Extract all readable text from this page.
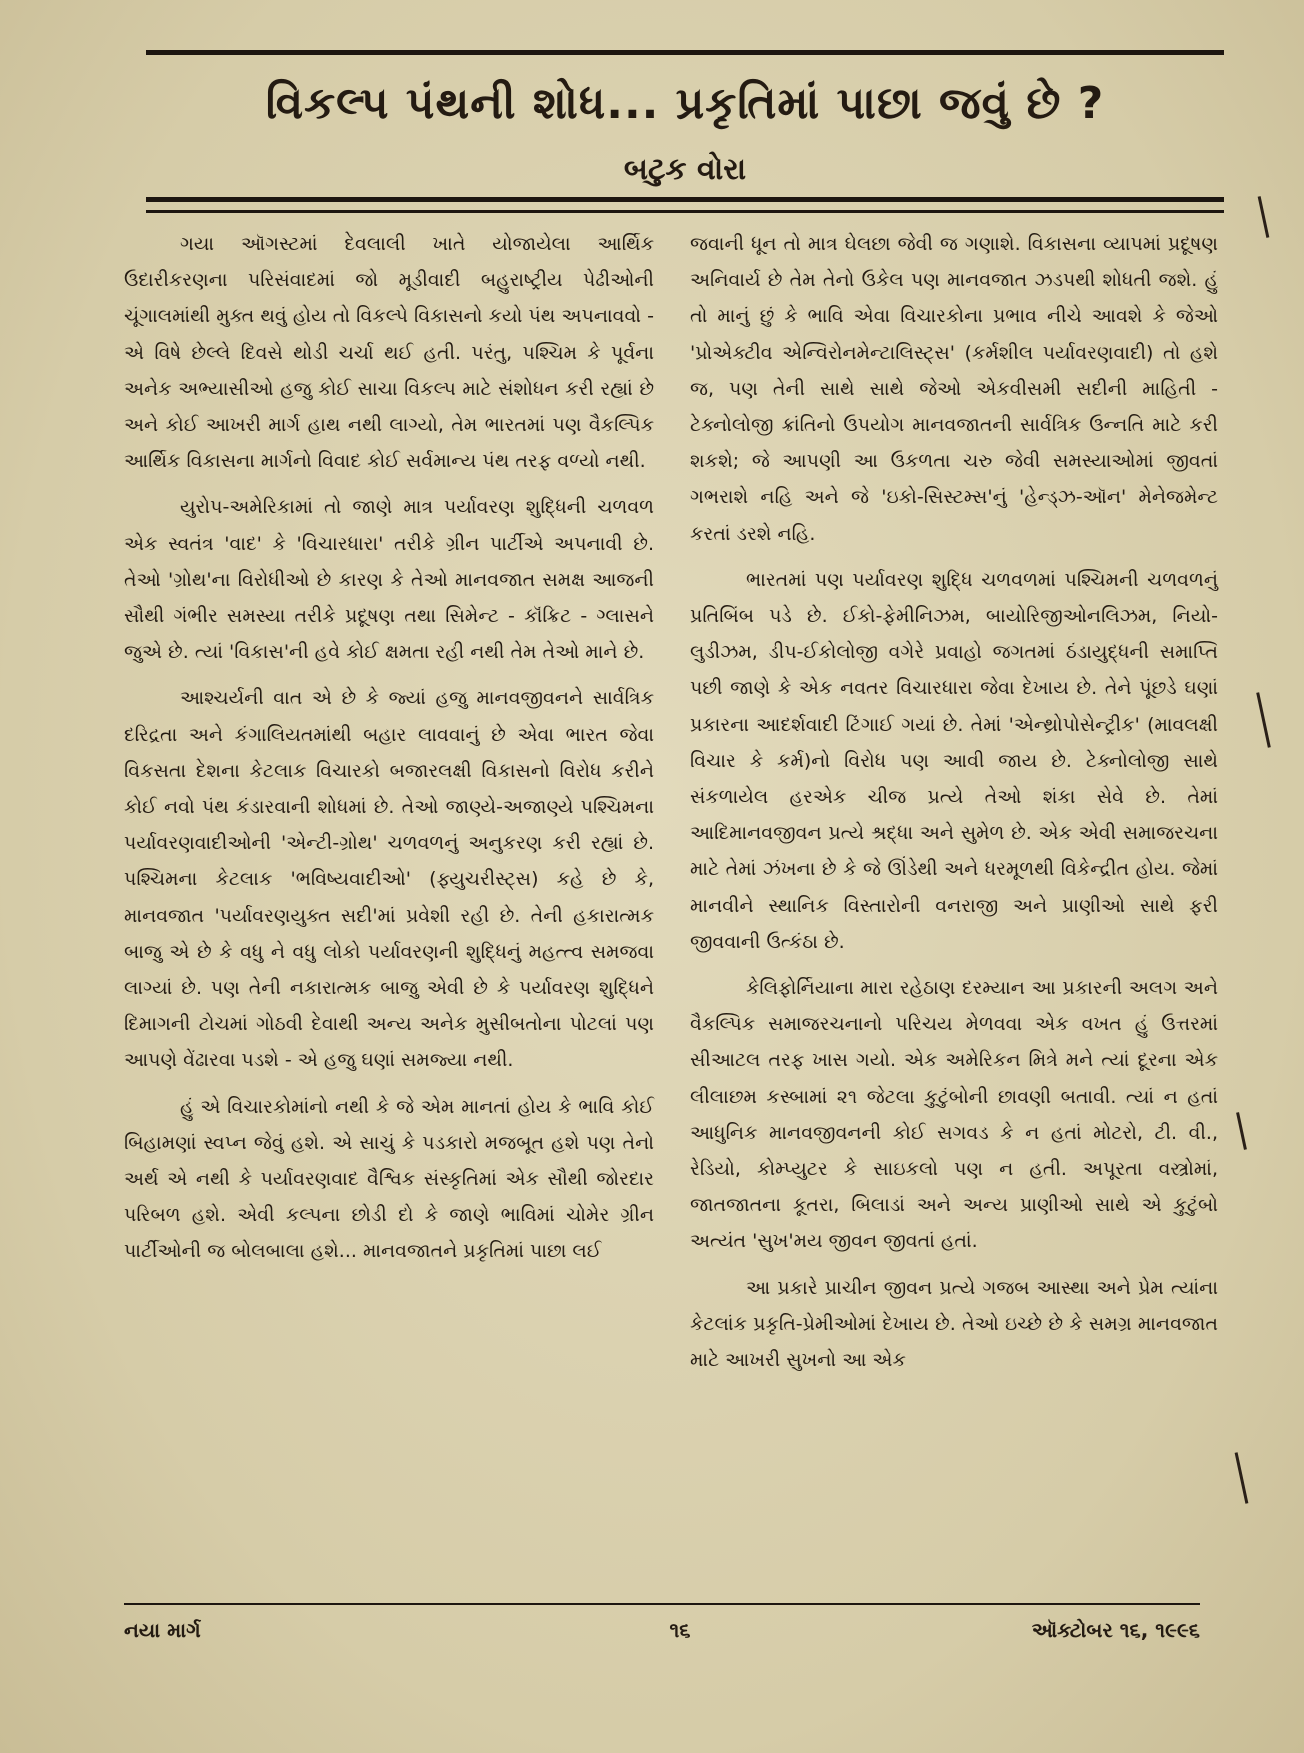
વિકલ્પ પંથની શોધ... પ્રકૃતિમાં પાછા જવું છે ?
બટુક વોરા

ગયા ઑગસ્ટમાં દેવલાલી ખાતે યોજાયેલા આર્થિક ઉદારીકરણના પરિસંવાદમાં જો મૂડીવાદી બહુરાષ્ટ્રીય પેઢીઓની ચૂંગાલમાંથી મુક્ત થવું હોય તો વિકલ્પે વિકાસનો કયો પંથ અપનાવવો - એ વિષે છેલ્લે દિવસે થોડી ચર્ચા થઈ હતી. પરંતુ, પશ્ચિમ કે પૂર્વના અનેક અભ્યાસીઓ હજુ કોઈ સાચા વિકલ્પ માટે સંશોધન કરી રહ્યાં છે અને કોઈ આખરી માર્ગ હાથ નથી લાગ્યો, તેમ ભારતમાં પણ વૈકલ્પિક આર્થિક વિકાસના માર્ગનો વિવાદ કોઈ સર્વમાન્ય પંથ તરફ વળ્યો નથી.

યુરોપ-અમેરિકામાં તો જાણે માત્ર પર્યાવરણ શુદ્ધિની ચળવળ એક સ્વતંત્ર 'વાદ' કે 'વિચારધારા' તરીકે ગ્રીન પાર્ટીએ અપનાવી છે. તેઓ 'ગ્રોથ'ના વિરોધીઓ છે કારણ કે તેઓ માનવજાત સમક્ષ આજની સૌથી ગંભીર સમસ્યા તરીકે પ્રદૂષણ તથા સિમેન્ટ - કૉંક્રિટ - ગ્લાસને જુએ છે. ત્યાં 'વિકાસ'ની હવે કોઈ ક્ષમતા રહી નથી તેમ તેઓ માને છે.

આશ્ચર્યની વાત એ છે કે જ્યાં હજુ માનવજીવનને સાર્વત્રિક દરિદ્રતા અને કંગાલિયતમાંથી બહાર લાવવાનું છે એવા ભારત જેવા વિકસતા દેશના કેટલાક વિચારકો બજારલક્ષી વિકાસનો વિરોધ કરીને કોઈ નવો પંથ કંડારવાની શોધમાં છે. તેઓ જાણ્યે-અજાણ્યે પશ્ચિમના પર્યાવરણવાદીઓની 'એન્ટી-ગ્રોથ' ચળવળનું અનુકરણ કરી રહ્યાં છે. પશ્ચિમના કેટલાક 'ભવિષ્યવાદીઓ' (ફ્યુચરીસ્ટ્સ) કહે છે કે, માનવજાત 'પર્યાવરણયુક્ત સદી'માં પ્રવેશી રહી છે. તેની હકારાત્મક બાજુ એ છે કે વધુ ને વધુ લોકો પર્યાવરણની શુદ્ધિનું મહત્ત્વ સમજવા લાગ્યાં છે. પણ તેની નકારાત્મક બાજુ એવી છે કે પર્યાવરણ શુદ્ધિને દિમાગની ટોચમાં ગોઠવી દેવાથી અન્ય અનેક મુસીબતોના પોટલાં પણ આપણે વેંઢારવા પડશે - એ હજુ ઘણાં સમજ્યા નથી.

હું એ વિચારકોમાંનો નથી કે જે એમ માનતાં હોય કે ભાવિ કોઈ બિહામણાં સ્વપ્ન જેવું હશે. એ સાચું કે પડકારો મજબૂત હશે પણ તેનો અર્થ એ નથી કે પર્યાવરણવાદ વૈશ્વિક સંસ્કૃતિમાં એક સૌથી જોરદાર પરિબળ હશે. એવી કલ્પના છોડી દો કે જાણે ભાવિમાં ચોમેર ગ્રીન પાર્ટીઓની જ બોલબાલા હશે... માનવજાતને પ્રકૃતિમાં પાછા લઈ

જવાની ધૂન તો માત્ર ઘેલછા જેવી જ ગણાશે. વિકાસના વ્યાપમાં પ્રદૂષણ અનિવાર્ય છે તેમ તેનો ઉકેલ પણ માનવજાત ઝડપથી શોધતી જશે. હું તો માનું છું કે ભાવિ એવા વિચારકોના પ્રભાવ નીચે આવશે કે જેઓ 'પ્રોએક્ટીવ એન્વિરોનમેન્ટાલિસ્ટ્સ' (કર્મશીલ પર્યાવરણવાદી) તો હશે જ, પણ તેની સાથે સાથે જેઓ એકવીસમી સદીની માહિતી - ટેક્નોલોજી ક્રાંતિનો ઉપયોગ માનવજાતની સાર્વત્રિક ઉન્નતિ માટે કરી શકશે; જે આપણી આ ઉકળતા ચરુ જેવી સમસ્યાઓમાં જીવતાં ગભરાશે નહિ અને જે 'ઇકો-સિસ્ટમ્સ'નું 'હેન્ડ્ઝ-ઑન' મેનેજમેન્ટ કરતાં ડરશે નહિ.

ભારતમાં પણ પર્યાવરણ શુદ્ધિ ચળવળમાં પશ્ચિમની ચળવળનું પ્રતિબિંબ પડે છે. ઈકો-ફેમીનિઝમ, બાયોરિજીઓનલિઝમ, નિયો-લુડીઝમ, ડીપ-ઈકોલોજી વગેરે પ્રવાહો જગતમાં ઠંડાયુદ્ધની સમાપ્તિ પછી જાણે કે એક નવતર વિચારધારા જેવા દેખાય છે. તેને પૂંછડે ઘણાં પ્રકારના આદર્શવાદી ટિંગાઈ ગયાં છે. તેમાં 'એન્થ્રોપોસેન્ટ્રીક' (માવલક્ષી વિચાર કે કર્મ)નો વિરોધ પણ આવી જાય છે. ટેક્નોલોજી સાથે સંકળાયેલ હરએક ચીજ પ્રત્યે તેઓ શંકા સેવે છે. તેમાં આદિમાનવજીવન પ્રત્યે શ્રદ્ધા અને સુમેળ છે. એક એવી સમાજરચના માટે તેમાં ઝંખના છે કે જે ઊંડેથી અને ધરમૂળથી વિકેન્દ્રીત હોય. જેમાં માનવીને સ્થાનિક વિસ્તારોની વનરાજી અને પ્રાણીઓ સાથે ફરી જીવવાની ઉત્કંઠા છે.

કેલિફોર્નિયાના મારા રહેઠાણ દરમ્યાન આ પ્રકારની અલગ અને વૈકલ્પિક સમાજરચનાનો પરિચય મેળવવા એક વખત હું ઉત્તરમાં સીઆટલ તરફ ખાસ ગયો. એક અમેરિકન મિત્રે મને ત્યાં દૂરના એક લીલાછમ કસ્બામાં ૨૧ જેટલા કુટુંબોની છાવણી બતાવી. ત્યાં ન હતાં આધુનિક માનવજીવનની કોઈ સગવડ કે ન હતાં મોટરો, ટી. વી., રેડિયો, કોમ્પ્યુટર કે સાઇકલો પણ ન હતી. અપૂરતા વસ્ત્રોમાં, જાતજાતના કૂતરા, બિલાડાં અને અન્ય પ્રાણીઓ સાથે એ કુટુંબો અત્યંત 'સુખ'મય જીવન જીવતાં હતાં.

આ પ્રકારે પ્રાચીન જીવન પ્રત્યે ગજબ આસ્થા અને પ્રેમ ત્યાંના કેટલાંક પ્રકૃતિ-પ્રેમીઓમાં દેખાય છે. તેઓ ઇચ્છે છે કે સમગ્ર માનવજાત માટે આખરી સુખનો આ એક

નયા માર્ગ	૧૬	ઑક્ટોબર ૧૬, ૧૯૯૬
